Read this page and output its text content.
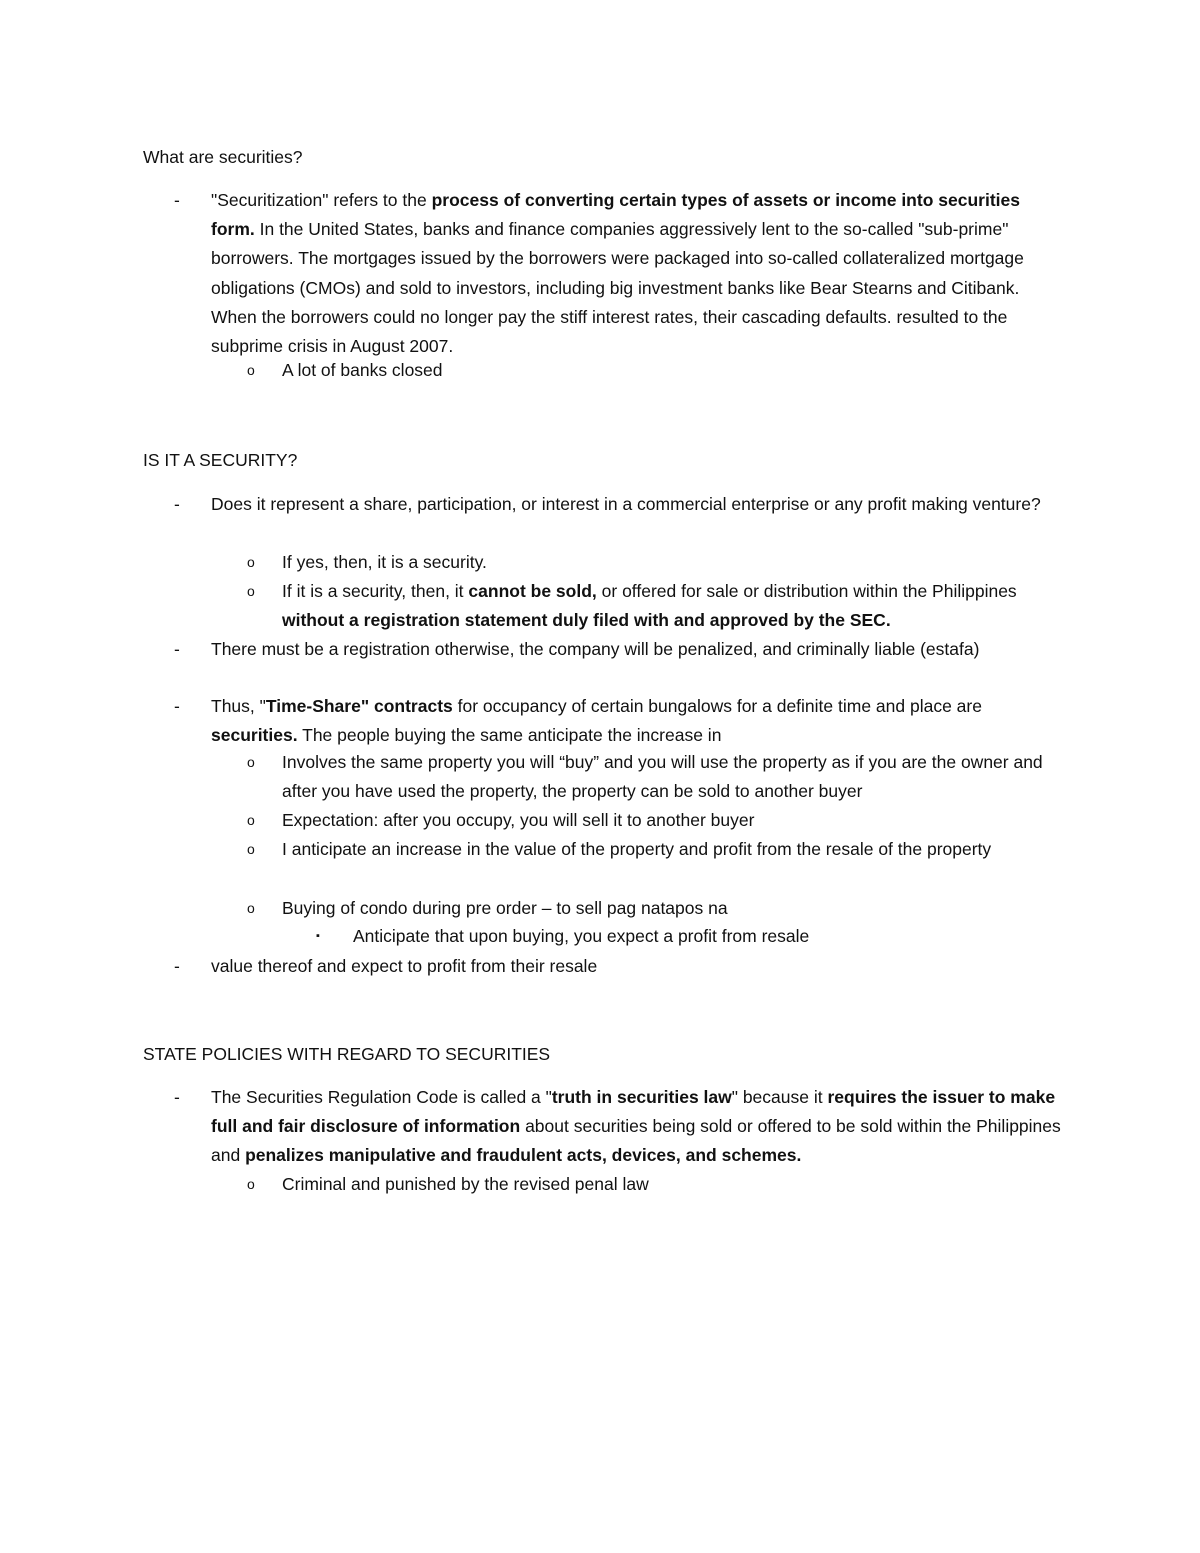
What are securities?
- "Securitization" refers to the process of converting certain types of assets or income into securities form. In the United States, banks and finance companies aggressively lent to the so-called "sub-prime" borrowers. The mortgages issued by the borrowers were packaged into so-called collateralized mortgage obligations (CMOs) and sold to investors, including big investment banks like Bear Stearns and Citibank. When the borrowers could no longer pay the stiff interest rates, their cascading defaults. resulted to the subprime crisis in August 2007.
o A lot of banks closed
IS IT A SECURITY?
- Does it represent a share, participation, or interest in a commercial enterprise or any profit making venture?
o If yes, then, it is a security.
o If it is a security, then, it cannot be sold, or offered for sale or distribution within the Philippines without a registration statement duly filed with and approved by the SEC.
- There must be a registration otherwise, the company will be penalized, and criminally liable (estafa)
- Thus, "Time-Share" contracts for occupancy of certain bungalows for a definite time and place are securities. The people buying the same anticipate the increase in
o Involves the same property you will “buy” and you will use the property as if you are the owner and after you have used the property, the property can be sold to another buyer
o Expectation: after you occupy, you will sell it to another buyer
o I anticipate an increase in the value of the property and profit from the resale of the property
o Buying of condo during pre order – to sell pag natapos na
▪ Anticipate that upon buying, you expect a profit from resale
- value thereof and expect to profit from their resale
STATE POLICIES WITH REGARD TO SECURITIES
- The Securities Regulation Code is called a "truth in securities law" because it requires the issuer to make full and fair disclosure of information about securities being sold or offered to be sold within the Philippines and penalizes manipulative and fraudulent acts, devices, and schemes.
o Criminal and punished by the revised penal law
